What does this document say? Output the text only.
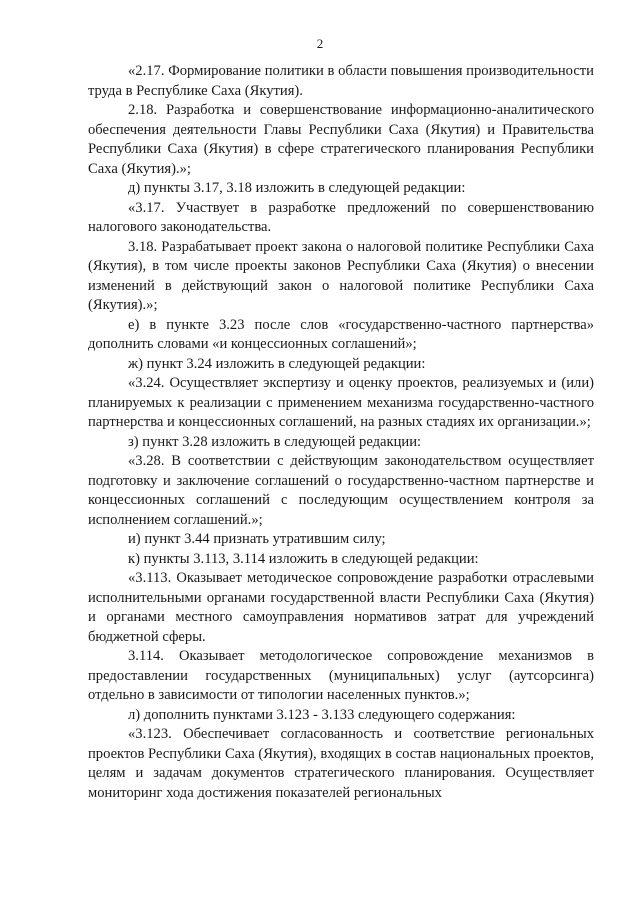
2

«2.17. Формирование политики в области повышения производительности труда в Республике Саха (Якутия).

2.18. Разработка и совершенствование информационно-аналитического обеспечения деятельности Главы Республики Саха (Якутия) и Правительства Республики Саха (Якутия) в сфере стратегического планирования Республики Саха (Якутия).»;

д) пункты 3.17, 3.18 изложить в следующей редакции:

«3.17. Участвует в разработке предложений по совершенствованию налогового законодательства.

3.18. Разрабатывает проект закона о налоговой политике Республики Саха (Якутия), в том числе проекты законов Республики Саха (Якутия) о внесении изменений в действующий закон о налоговой политике Республики Саха (Якутия).»;

е) в пункте 3.23 после слов «государственно-частного партнерства» дополнить словами «и концессионных соглашений»;

ж) пункт 3.24 изложить в следующей редакции:

«3.24. Осуществляет экспертизу и оценку проектов, реализуемых и (или) планируемых к реализации с применением механизма государственно-частного партнерства и концессионных соглашений, на разных стадиях их организации.»;

з) пункт 3.28 изложить в следующей редакции:

«3.28. В соответствии с действующим законодательством осуществляет подготовку и заключение соглашений о государственно-частном партнерстве и концессионных соглашений с последующим осуществлением контроля за исполнением соглашений.»;

и) пункт 3.44 признать утратившим силу;

к) пункты 3.113, 3.114 изложить в следующей редакции:

«3.113. Оказывает методическое сопровождение разработки отраслевыми исполнительными органами государственной власти Республики Саха (Якутия) и органами местного самоуправления нормативов затрат для учреждений бюджетной сферы.

3.114. Оказывает методологическое сопровождение механизмов в предоставлении государственных (муниципальных) услуг (аутсорсинга) отдельно в зависимости от типологии населенных пунктов.»;

л) дополнить пунктами 3.123 - 3.133 следующего содержания:

«3.123. Обеспечивает согласованность и соответствие региональных проектов Республики Саха (Якутия), входящих в состав национальных проектов, целям и задачам документов стратегического планирования. Осуществляет мониторинг хода достижения показателей региональных
